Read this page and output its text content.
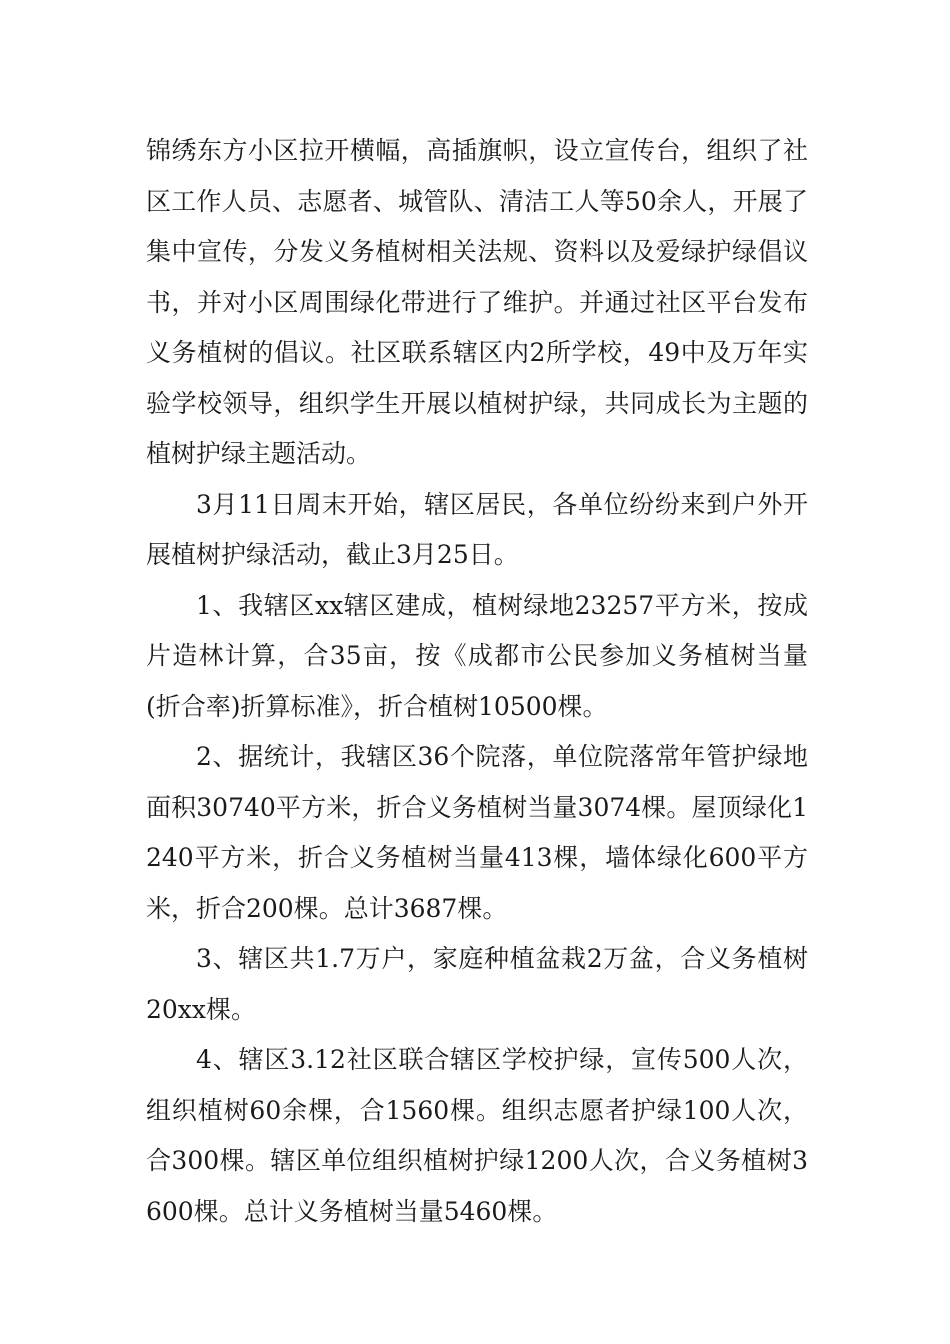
锦绣东方小区拉开横幅，高插旗帜，设立宣传台，组织了社区工作人员、志愿者、城管队、清洁工人等50余人，开展了集中宣传，分发义务植树相关法规、资料以及爱绿护绿倡议书，并对小区周围绿化带进行了维护。并通过社区平台发布义务植树的倡议。社区联系辖区内2所学校，49中及万年实验学校领导，组织学生开展以植树护绿，共同成长为主题的植树护绿主题活动。

3月11日周末开始，辖区居民，各单位纷纷来到户外开展植树护绿活动，截止3月25日。

1、我辖区xx辖区建成，植树绿地23257平方米，按成片造林计算，合35亩，按《成都市公民参加义务植树当量(折合率)折算标准》，折合植树10500棵。

2、据统计，我辖区36个院落，单位院落常年管护绿地面积30740平方米，折合义务植树当量3074棵。屋顶绿化1240平方米，折合义务植树当量413棵，墙体绿化600平方米，折合200棵。总计3687棵。

3、辖区共1.7万户，家庭种植盆栽2万盆，合义务植树20xx棵。

4、辖区3.12社区联合辖区学校护绿，宣传500人次，组织植树60余棵，合1560棵。组织志愿者护绿100人次，合300棵。辖区单位组织植树护绿1200人次，合义务植树3600棵。总计义务植树当量5460棵。
